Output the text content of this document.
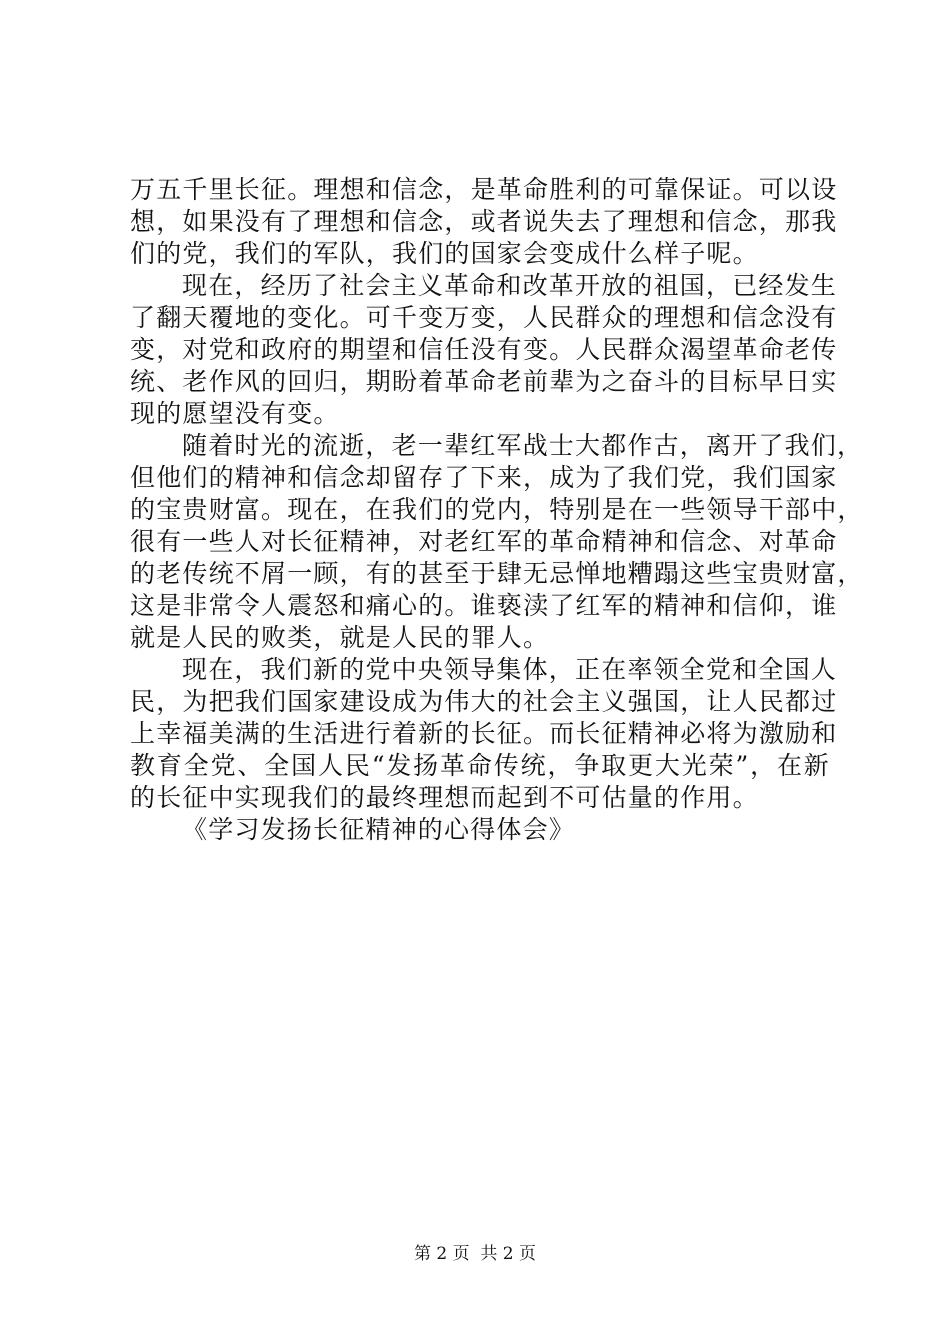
万五千里长征。理想和信念，是革命胜利的可靠保证。可以设
想，如果没有了理想和信念，或者说失去了理想和信念，那我
们的党，我们的军队，我们的国家会变成什么样子呢。
现在，经历了社会主义革命和改革开放的祖国，已经发生
了翻天覆地的变化。可千变万变，人民群众的理想和信念没有
变，对党和政府的期望和信任没有变。人民群众渴望革命老传
统、老作风的回归，期盼着革命老前辈为之奋斗的目标早日实
现的愿望没有变。
随着时光的流逝，老一辈红军战士大都作古，离开了我们，
但他们的精神和信念却留存了下来，成为了我们党，我们国家
的宝贵财富。现在，在我们的党内，特别是在一些领导干部中，
很有一些人对长征精神，对老红军的革命精神和信念、对革命
的老传统不屑一顾，有的甚至于肆无忌惮地糟蹋这些宝贵财富，
这是非常令人震怒和痛心的。谁亵渎了红军的精神和信仰，谁
就是人民的败类，就是人民的罪人。
现在，我们新的党中央领导集体，正在率领全党和全国人
民，为把我们国家建设成为伟大的社会主义强国，让人民都过
上幸福美满的生活进行着新的长征。而长征精神必将为激励和
教育全党、全国人民“发扬革命传统，争取更大光荣”，在新
的长征中实现我们的最终理想而起到不可估量的作用。
《学习发扬长征精神的心得体会》
第 2 页  共 2 页
